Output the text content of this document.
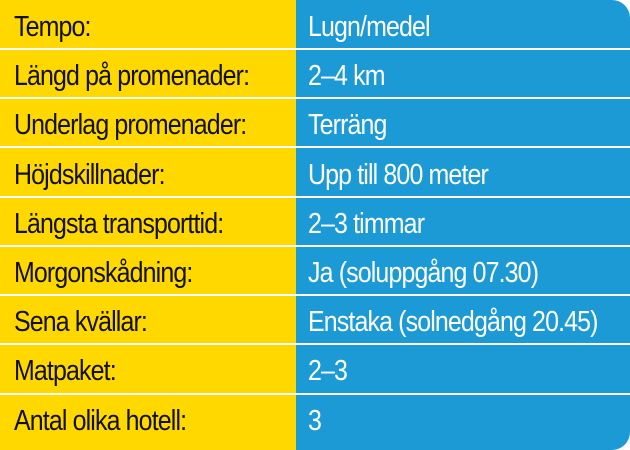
Tempo:	Lugn/medel
Längd på promenader: 2–4 km
Underlag promenader: Terräng
Höjdskillnader:	Upp till 800 meter
Längsta transporttid:	2–3 timmar
Morgonskådning:	Ja (soluppgång 07.30)
Sena kvällar:	Enstaka (solnedgång 20.45)
Matpaket:	2–3
Antal olika hotell:	3
